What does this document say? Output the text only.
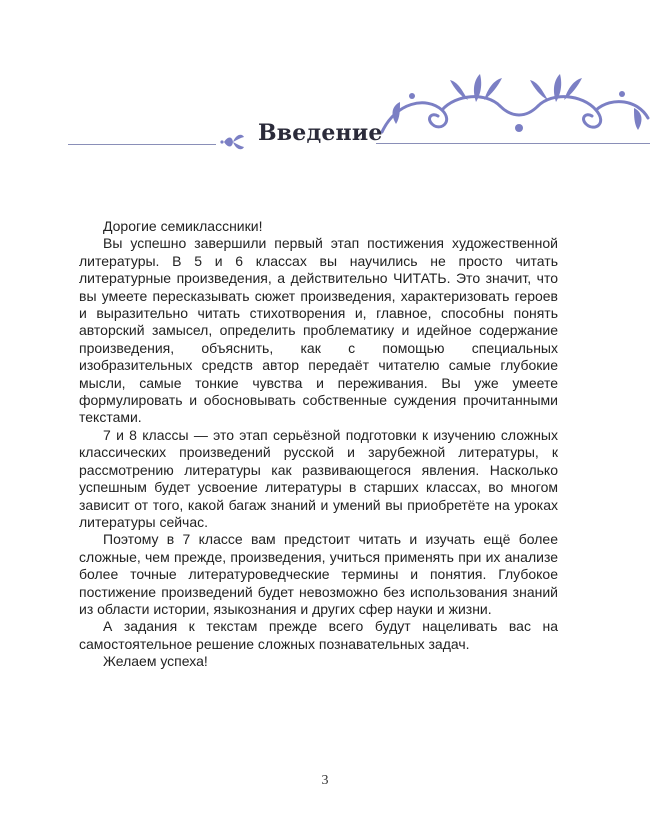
Введение

Дорогие семиклассники!

Вы успешно завершили первый этап постижения художественной литературы. В 5 и 6 классах вы научились не просто читать литературные произведения, а действительно ЧИТАТЬ. Это значит, что вы умеете пересказывать сюжет произведения, характеризовать героев и выразительно читать стихотворения и, главное, способны понять авторский замысел, определить проблематику и идейное содержание произведения, объяснить, как с помощью специальных изобразительных средств автор передаёт читателю самые глубокие мысли, самые тонкие чувства и переживания. Вы уже умеете формулировать и обосновывать собственные суждения прочитанными текстами.

7 и 8 классы — это этап серьёзной подготовки к изучению сложных классических произведений русской и зарубежной литературы, к рассмотрению литературы как развивающегося явления. Насколько успешным будет усвоение литературы в старших классах, во многом зависит от того, какой багаж знаний и умений вы приобретёте на уроках литературы сейчас.

Поэтому в 7 классе вам предстоит читать и изучать ещё более сложные, чем прежде, произведения, учиться применять при их анализе более точные литературоведческие термины и понятия. Глубокое постижение произведений будет невозможно без использования знаний из области истории, языкознания и других сфер науки и жизни.

А задания к текстам прежде всего будут нацеливать вас на самостоятельное решение сложных познавательных задач.

Желаем успеха!

3
